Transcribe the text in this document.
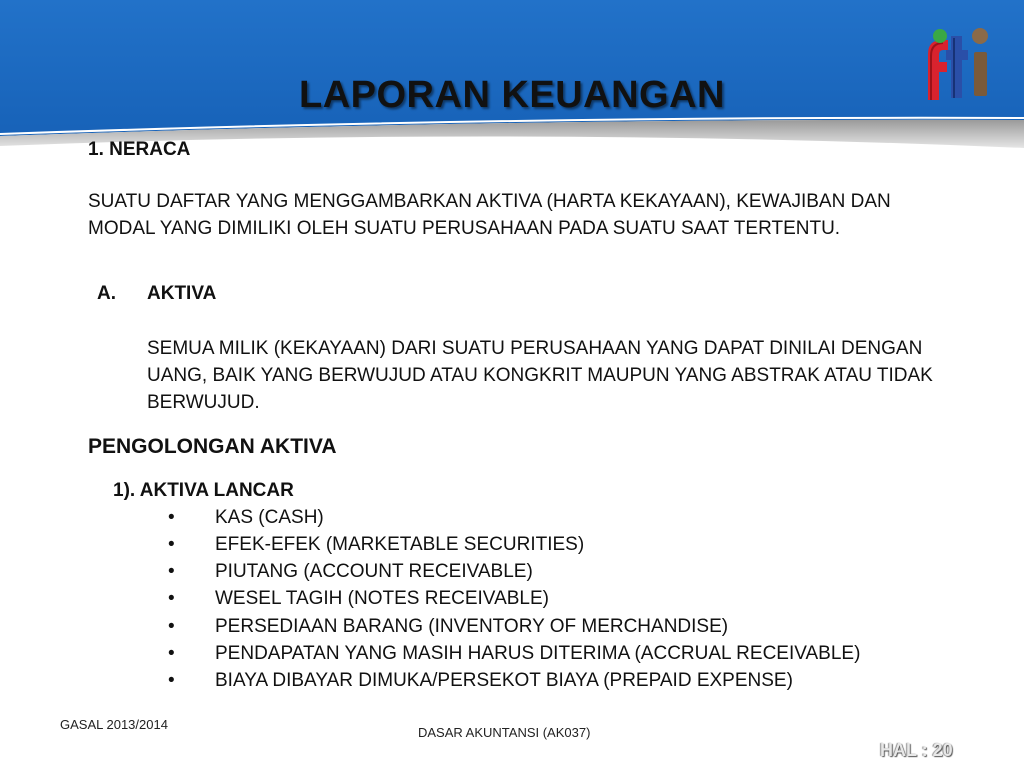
LAPORAN KEUANGAN
1. NERACA
SUATU DAFTAR YANG MENGGAMBARKAN AKTIVA (HARTA KEKAYAAN), KEWAJIBAN DAN MODAL YANG DIMILIKI OLEH SUATU PERUSAHAAN PADA SUATU SAAT TERTENTU.
A. AKTIVA
SEMUA MILIK (KEKAYAAN) DARI SUATU PERUSAHAAN YANG DAPAT DINILAI DENGAN UANG, BAIK YANG BERWUJUD ATAU KONGKRIT MAUPUN YANG ABSTRAK ATAU TIDAK BERWUJUD.
PENGOLONGAN AKTIVA
1). AKTIVA LANCAR
• KAS (CASH)
• EFEK-EFEK (MARKETABLE SECURITIES)
• PIUTANG (ACCOUNT RECEIVABLE)
• WESEL TAGIH (NOTES RECEIVABLE)
• PERSEDIAAN BARANG (INVENTORY OF MERCHANDISE)
• PENDAPATAN YANG MASIH HARUS DITERIMA (ACCRUAL RECEIVABLE)
• BIAYA DIBAYAR DIMUKA/PERSEKOT BIAYA (PREPAID EXPENSE)
GASAL 2013/2014
DASAR AKUNTANSI (AK037)
HAL : 20
